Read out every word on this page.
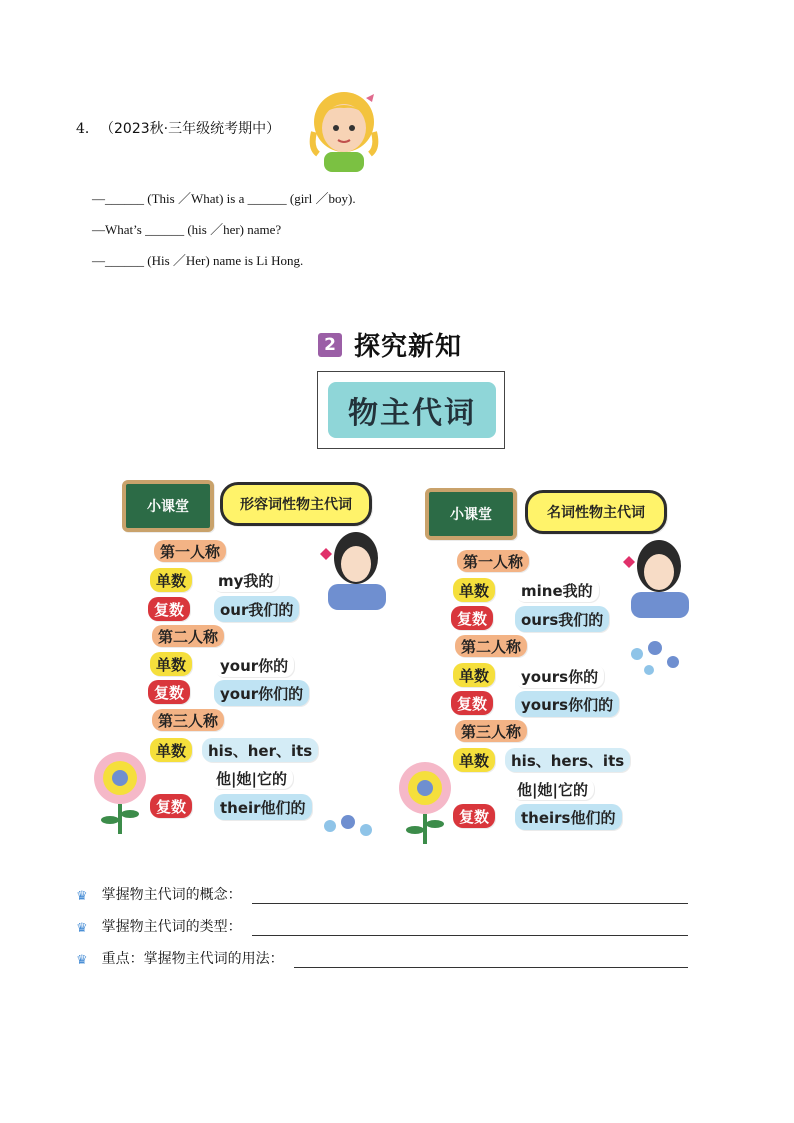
4． （2023秋·三年级统考期中）
—______ (This ／What) is a ______ (girl ／boy).
—What’s ______ (his ／her) name?
—______ (His ／Her) name is Li Hong.
2 探究新知
物主代词
小课堂	形容词性物主代词
第一人称
单数	my我的
复数	our我们的
第二人称
单数	your你的
复数	your你们的
第三人称
单数	his、her、its
他|她|它的
复数	their他们的
小课堂	名词性物主代词
第一人称
单数	mine我的
复数	ours我们的
第二人称
单数	yours你的
复数	yours你们的
第三人称
单数	his、hers、its
他|她|它的
复数	theirs他们的
♛ 掌握物主代词的概念：
♛ 掌握物主代词的类型：
♛ 重点：掌握物主代词的用法：
